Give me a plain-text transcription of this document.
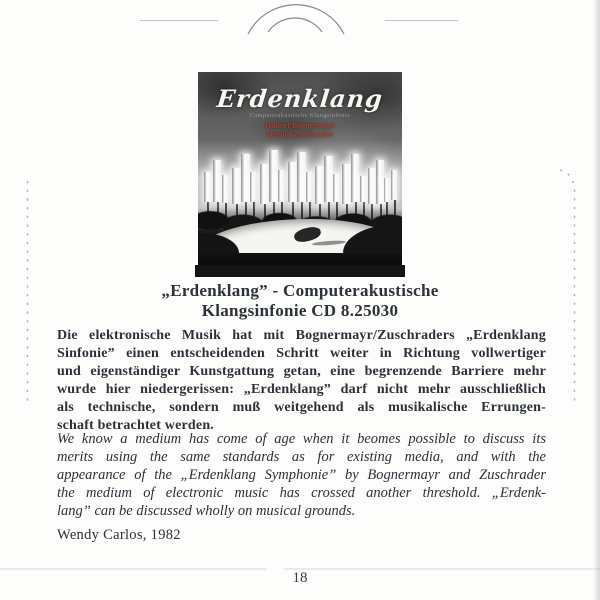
Erdenklang
Computerakustische Klangsinfonie
Hubert Bognermayr
Harald Zuschrader
„Erdenklang” - Computerakustische
Klangsinfonie CD 8.25030
Die elektronische Musik hat mit Bognermayr/Zuschraders „Erdenklang
Sinfonie” einen entscheidenden Schritt weiter in Richtung vollwertiger
und eigenständiger Kunstgattung getan, eine begrenzende Barriere mehr
wurde hier niedergerissen: „Erdenklang” darf nicht mehr ausschließlich
als technische, sondern muß weitgehend als musikalische Errungen-
schaft betrachtet werden.
We know a medium has come of age when it beomes possible to discuss its
merits using the same standards as for existing media, and with the
appearance of the „Erdenklang Symphonie” by Bognermayr and Zuschrader
the medium of electronic music has crossed another threshold. „Erdenk-
lang” can be discussed wholly on musical grounds.
Wendy Carlos, 1982
18
